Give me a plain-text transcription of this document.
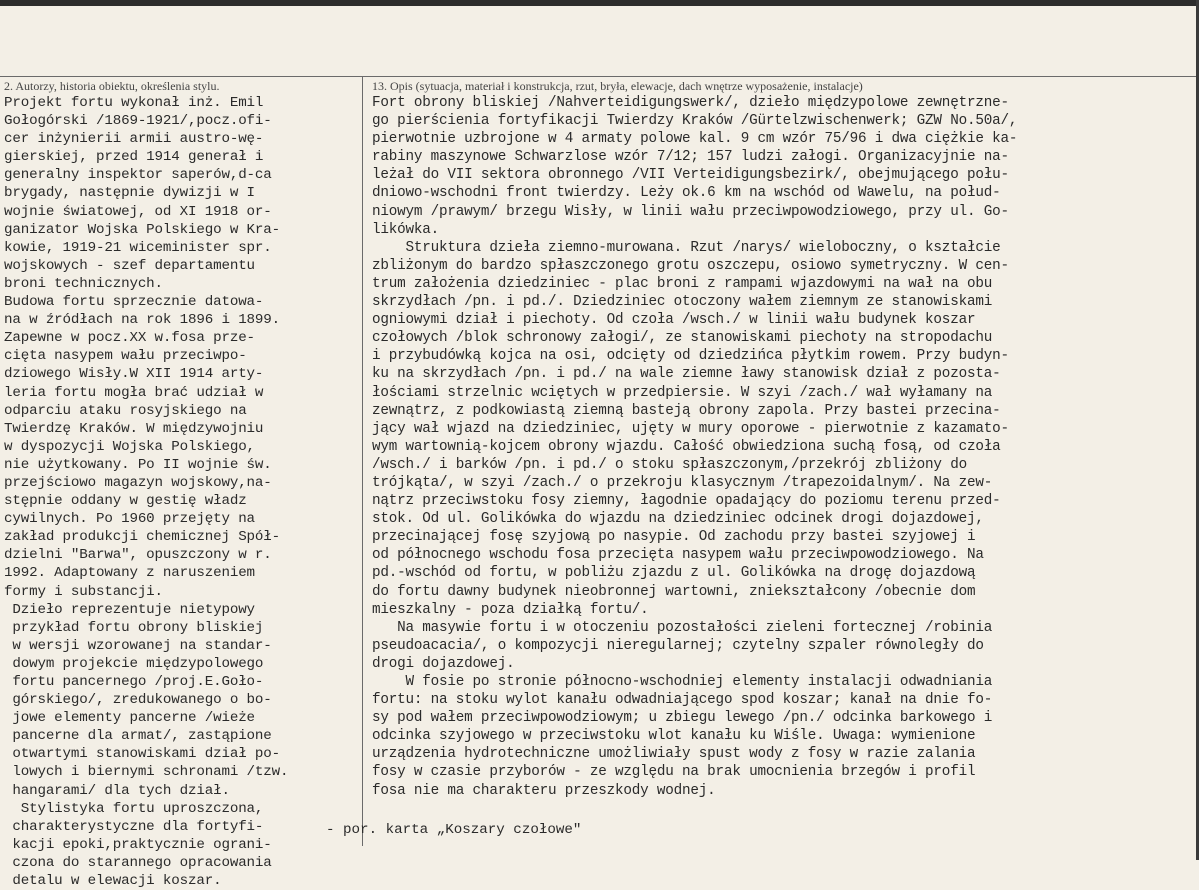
2. Autorzy, historia obiektu, określenia stylu.	13. Opis (sytuacja, materiał i konstrukcja, rzut, bryła, elewacje, dach wnętrze wyposażenie, instalacje)
Projekt fortu wykonał inż. Emil
Gołogórski /1869-1921/,pocz.ofi-
cer inżynierii armii austro-wę-
gierskiej, przed 1914 generał i
generalny inspektor saperów,d-ca
brygady, następnie dywizji w I
wojnie światowej, od XI 1918 or-
ganizator Wojska Polskiego w Kra-
kowie, 1919-21 wiceminister spr.
wojskowych - szef departamentu
broni technicznych.
Budowa fortu sprzecznie datowa-
na w źródłach na rok 1896 i 1899.
Zapewne w pocz.XX w.fosa prze-
cięta nasypem wału przeciwpo-
dziowego Wisły.W XII 1914 arty-
leria fortu mogła brać udział w
odparciu ataku rosyjskiego na
Twierdzę Kraków. W międzywojniu
w dyspozycji Wojska Polskiego,
nie użytkowany. Po II wojnie św.
przejściowo magazyn wojskowy,na-
stępnie oddany w gestię władz
cywilnych. Po 1960 przejęty na
zakład produkcji chemicznej Spół-
dzielni "Barwa", opuszczony w r.
1992. Adaptowany z naruszeniem
formy i substancji.
Dzieło reprezentuje nietypowy
przykład fortu obrony bliskiej
w wersji wzorowanej na standar-
dowym projekcie międzypolowego
fortu pancernego /proj.E.Goło-
górskiego/, zredukowanego o bo-
jowe elementy pancerne /wieże
pancerne dla armat/, zastąpione
otwartymi stanowiskami dział po-
lowych i biernymi schronami /tzw.
hangarami/ dla tych dział.
Stylistyka fortu uproszczona,
charakterystyczne dla fortyfi-
kacji epoki,praktycznie ograni-
czona do starannego opracowania
detalu w elewacji koszar.
Fort obrony bliskiej /Nahverteidigungswerk/, dzieło międzypolowe zewnętrzne-
go pierścienia fortyfikacji Twierdzy Kraków /Gürtelzwischenwerk; GZW No.50a/,
pierwotnie uzbrojone w 4 armaty polowe kal. 9 cm wzór 75/96 i dwa ciężkie ka-
rabiny maszynowe Schwarzlose wzór 7/12; 157 ludzi załogi. Organizacyjnie na-
leżał do VII sektora obronnego /VII Verteidigungsbezirk/, obejmującego połu-
dniowo-wschodni front twierdzy. Leży ok.6 km na wschód od Wawelu, na połud-
niowym /prawym/ brzegu Wisły, w linii wału przeciwpowodziowego, przy ul. Go-
likówka.
Struktura dzieła ziemno-murowana. Rzut /narys/ wieloboczny, o kształcie
zbliżonym do bardzo spłaszczonego grotu oszczepu, osiowo symetryczny. W cen-
trum założenia dziedziniec - plac broni z rampami wjazdowymi na wał na obu
skrzydłach /pn. i pd./. Dziedziniec otoczony wałem ziemnym ze stanowiskami
ogniowymi dział i piechoty. Od czoła /wsch./ w linii wału budynek koszar
czołowych /blok schronowy załogi/, ze stanowiskami piechoty na stropodachu
i przybudówką kojca na osi, odcięty od dziedzińca płytkim rowem. Przy budyn-
ku na skrzydłach /pn. i pd./ na wale ziemne ławy stanowisk dział z pozosta-
łościami strzelnic wciętych w przedpiersie. W szyi /zach./ wał wyłamany na
zewnątrz, z podkowiastą ziemną basteją obrony zapola. Przy bastei przecina-
jący wał wjazd na dziedziniec, ujęty w mury oporowe - pierwotnie z kazamato-
wym wartownią-kojcem obrony wjazdu. Całość obwiedziona suchą fosą, od czoła
/wsch./ i barków /pn. i pd./ o stoku spłaszczonym,/przekrój zbliżony do
trójkąta/, w szyi /zach./ o przekroju klasycznym /trapezoidalnym/. Na zew-
nątrz przeciwstoku fosy ziemny, łagodnie opadający do poziomu terenu przed-
stok. Od ul. Golikówka do wjazdu na dziedziniec odcinek drogi dojazdowej,
przecinającej fosę szyjową po nasypie. Od zachodu przy bastei szyjowej i
od północnego wschodu fosa przecięta nasypem wału przeciwpowodziowego. Na
pd.-wschód od fortu, w pobliżu zjazdu z ul. Golikówka na drogę dojazdową
do fortu dawny budynek nieobronnej wartowni, zniekształcony /obecnie dom
mieszkalny - poza działką fortu/.
Na masywie fortu i w otoczeniu pozostałości zieleni fortecznej /robinia
pseudoacacia/, o kompozycji nieregularnej; czytelny szpaler równoległy do
drogi dojazdowej.
W fosie po stronie północno-wschodniej elementy instalacji odwadniania
fortu: na stoku wylot kanału odwadniającego spod koszar; kanał na dnie fo-
sy pod wałem przeciwpowodziowym; u zbiegu lewego /pn./ odcinka barkowego i
odcinka szyjowego w przeciwstoku wlot kanału ku Wiśle. Uwaga: wymienione
urządzenia hydrotechniczne umożliwiały spust wody z fosy w razie zalania
fosy w czasie przyborów - ze względu na brak umocnienia brzegów i profil
fosa nie ma charakteru przeszkody wodnej.
- por. karta „Koszary czołowe"
